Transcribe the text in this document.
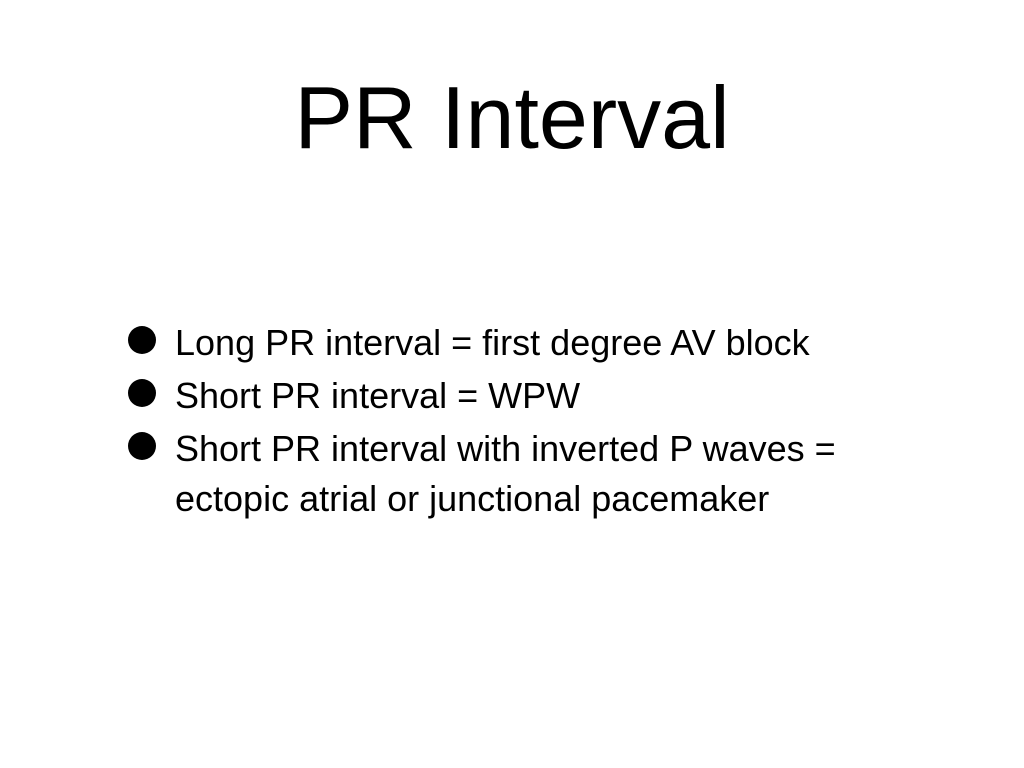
PR Interval
Long PR interval = first degree AV block
Short PR interval = WPW
Short PR interval with inverted P waves = ectopic atrial or junctional pacemaker
